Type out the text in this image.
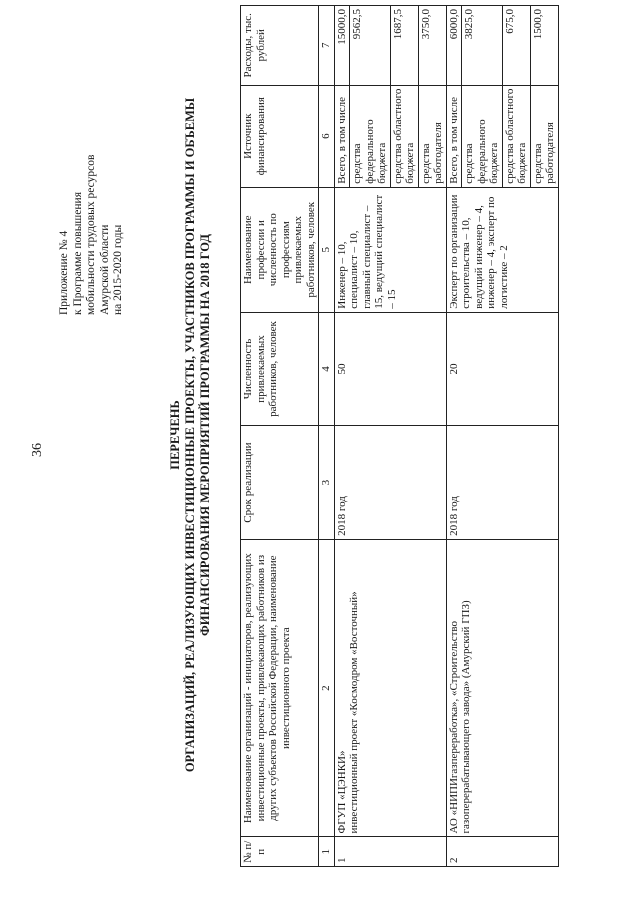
36
Приложение № 4 к Программе повышения мобильности трудовых ресурсов Амурской области на 2015-2020 годы
ПЕРЕЧЕНЬ ОРГАНИЗАЦИЙ, РЕАЛИЗУЮЩИХ ИНВЕСТИЦИОННЫЕ ПРОЕКТЫ, УЧАСТНИКОВ ПРОГРАММЫ И ОБЪЕМЫ ФИНАНСИРОВАНИЯ МЕРОПРИЯТИЙ ПРОГРАММЫ НА 2018 ГОД
№ п/п	Наименование организаций - инициаторов, реализующих инвестиционные проекты, привлекающих работников из других субъектов Российской Федерации, наименование инвестиционного проекта	Срок реализации	Численность привлекаемых работников, человек	Наименование профессии и численность по профессиям привлекаемых работников, человек	Источник финансирования	Расходы, тыс. рублей
1	2	3	4	5	6	7
1	ФГУП «ЦЭНКИ» инвестиционный проект «Космодром «Восточный»	2018 год	50	Инженер – 10, специалист – 10, главный специалист – 15, ведущий специалист – 15	Всего, в том числе	15000,0
					средства федерального бюджета	9562,5
					средства областного бюджета	1687,5
					средства работодателя	3750,0
2	АО «НИПИгазпереработка», «Строительство газоперерабатывающего завода» (Амурский ГПЗ)	2018 год	20	Эксперт по организации строительства – 10, ведущий инженер – 4, инженер – 4, эксперт по логистике – 2	Всего, в том числе	6000,0
					средства федерального бюджета	3825,0
					средства областного бюджета	675,0
					средства работодателя	1500,0
